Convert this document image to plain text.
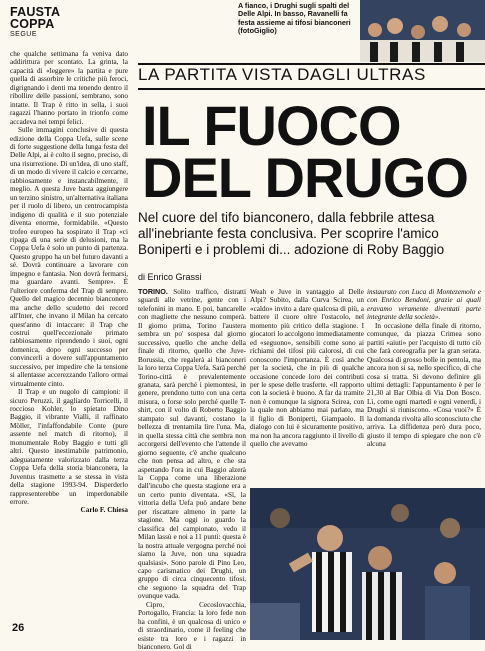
FAUSTA
COPPA
SEGUE

che qualche settimana fa veniva dato addirittura per scontato. La grinta, la capacità di «leggere» la partita e pure quella di assorbire le critiche più feroci, digrignando i denti ma tenendo dentro il ribollire delle passioni, sembrano, sono intatte. Il Trap è ritto in sella, i suoi ragazzi l'hanno portato in trionfo come accadeva nei tempi felici.

Sulle immagini conclusive di questa edizione della Coppa Uefa, sulle scene di forte suggestione della lunga festa del Delle Alpi, ai è colto il segno, preciso, di una risurrezione. Di un'idea, di uno staff, di un modo di vivere il calcio e cercarne, rabbiosamente e instancabilmente, il meglio. A questa Juve basta aggiungere un terzino sinistro, un'alternativa italiana per il ruolo di libero, un centrocampista indigeno di qualità e il suo potenziale diventa enorme, formidabile. «Questo trofeo europeo ha sospirato il Trap «ci ripaga di una serie di delusioni, ma la Coppa Uefa è solo un punto di partenza. Questo gruppo ha un bel futuro davanti a sé. Dovrà continuare a lavorare con impegno e fantasia. Non dovrà fermarsi, ma guardare avanti. Sempre». È l'ulteriore conferma del Trap di sempre. Quello del magico decennio bianconero ma anche dello scudetto dei record all'Inter, che invano il Milan ha cercato quest'anno di intaccare: il Trap che costruì quell'eccezionale primato rabbiosamente riprendendo i suoi, ogni domenica, dopo ogni successo per convincerli a dovere sull'appuntamento successivo, per impedire che la tensione si allentasse accerezzando l'alloro ormai virtualmente cinto.

Il Trap e un nugolo di campioni: il sicuro Peruzzi, il gagliardo Torricelli, il roccioso Kohler, lo spietato Dino Baggio, il vibrante Vialli, il raffinato Möller, l'infaffondabile Conte (pure assente nel match di ritorno), il monumentale Roby Baggio e tutti gli altri. Questo inestimabile patrimonio, adeguatamente valorizzato dalla terza Coppa Uefa della storia bianconera, la Juventus trasmette a se stessa in vista della stagione 1993-94. Disperderlo rappresenterebbe un imperdonabile errore.

Carlo F. Chiesa
A fianco, i Drughi sugli spalti del Delle Alpi. In basso, Ravanelli fa festa assieme ai tifosi bianconeri (fotoGiglio)
LA PARTITA VISTA DAGLI ULTRAS
IL FUOCO
DEL DRUGO
Nel cuore del tifo bianconero, dalla febbrile attesa all'inebriante festa conclusiva. Per scoprire l'amico Boniperti e i problemi di... adozione di Roby Baggio
di Enrico Grassi

TORINO. Solito traffico, distratti sguardi alle vetrine, gente con i telefonini in mano. E poi, bancarelle con magliette che nessuno comperà. Il giorno prima, Torino l'austera sembra un po' sospesa dal giorno successivo, quello che anche della finale di ritorno, quello che Juve-Borussia, che regalerà ai bianconeri la loro terza Coppa Uefa. Sarà perché Torino-città è prevalentemente granata, sarà perché i piemontesi, in genere, prendono tutto con una certa misura, o forse solo perché quelle T-shirt, con il volto di Roberto Baggio stampato sul davanti, costano la bellezza di trentamila lire l'una. Ma, in quella stessa città che sembra non accorgersi dell'evento che l'attende il giorno seguente, c'è anche qualcuno che non pensa ad altro, e che sta aspettando l'ora in cui Baggio alzerà la Coppa come una liberazione dall'incubo che questa stagione era a un certo punto diventata. «Sì, la vittoria della Uefa può andare bene per riscattare almeno in parte la stagione. Ma oggi io guardo la classifica del campionato, vedo il Milan lassù e noi a 11 punti: questa è la nostra attuale vergogna perché noi siamo la Juve, non una squadra qualsiasi». Sono parole di Pino Leo, capo carismatico dei Drughi, un gruppo di circa cinquecento tifosi, che seguono la squadra del Trap ovunque vada.

Cipro, Cecoslovacchia, Portogallo, Francia: la loro fede non ha confini, è un qualcosa di unico e di straordinario, come il feeling che esiste tra loro e i ragazzi in bianconero. Gol di

Weah e Juve in vantaggio al Delle Alpi? Subito, dalla Curva Scirea, un «caldo» invito a dare qualcosa di più, a battere il cuore oltre l'ostacolo, nel momento più critico della stagione. I giocatori lo accolgono immediatamente ed «seguono», sensibili come sono ai richiami dei tifosi più calorosi, di cui conoscono l'importanza. È così anche per la società, che in più di qualche occasione concede loro dei contributi per le spese delle trasferte. «Il rapporto con la società è buono. A far da tramite non è comunque la signora Scirea, con la quale non abbiamo mai parlato, ma il figlio di Boniperti, Giampaolo. Il dialogo con lui è sicuramente positivo, ma non ha ancora raggiunto il livello di quello che avevamo

instaurato con Luca di Montezemolo e con Enrico Bendoni, grazie ai quali eravamo veramente diventati parte integrante della società».

In occasione della finale di ritorno, comunque, da piazza Crimea sono partiti «aiuti» per l'acquisto di tutto ciò che farà coreografia per la gran serata. Qualcosa di grosso bolle in pentola, ma ancora non si sa, nello specifico, di che cosa si tratta. Si devono definire gli ultimi dettagli: l'appuntamento è per le 21,30 al Bar Olbia di Via Don Bosco. Lì, come ogni martedì e ogni venerdì, i Drughi si riuniscono. «Cosa vuoi?» È la domanda rivolta allo sconosciuto che arriva. La diffidenza però dura poco, giusto il tempo di spiegare che non c'è alcuna

26
